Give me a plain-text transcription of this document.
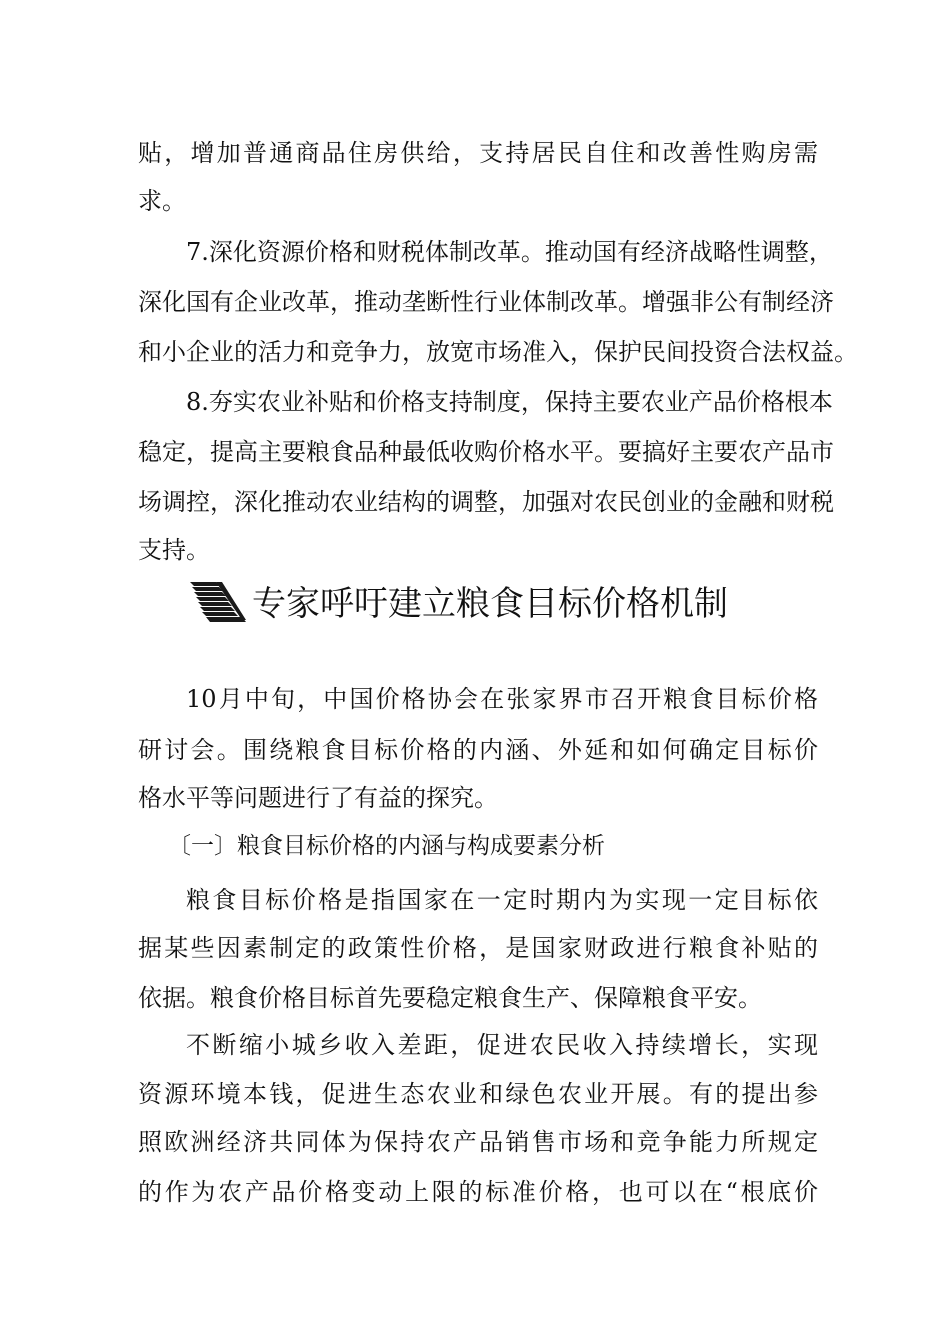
贴，增加普通商品住房供给，支持居民自住和改善性购房需
求。
7.深化资源价格和财税体制改革。推动国有经济战略性调整，
深化国有企业改革，推动垄断性行业体制改革。增强非公有制经济
和小企业的活力和竞争力，放宽市场准入，保护民间投资合法权益。
8.夯实农业补贴和价格支持制度，保持主要农业产品价格根本
稳定，提高主要粮食品种最低收购价格水平。要搞好主要农产品市
场调控，深化推动农业结构的调整，加强对农民创业的金融和财税
支持。
专家呼吁建立粮食目标价格机制
10月中旬，中国价格协会在张家界市召开粮食目标价格
研讨会。围绕粮食目标价格的内涵、外延和如何确定目标价
格水平等问题进行了有益的探究。
粮食目标价格是指国家在一定时期内为实现一定目标依
据某些因素制定的政策性价格，是国家财政进行粮食补贴的
依据。粮食价格目标首先要稳定粮食生产、保障粮食平安。
不断缩小城乡收入差距，促进农民收入持续增长，实现
资源环境本钱，促进生态农业和绿色农业开展。有的提出参
照欧洲经济共同体为保持农产品销售市场和竞争能力所规定
的作为农产品价格变动上限的标准价格，也可以在“根底价
〔一〕粮食目标价格的内涵与构成要素分析
